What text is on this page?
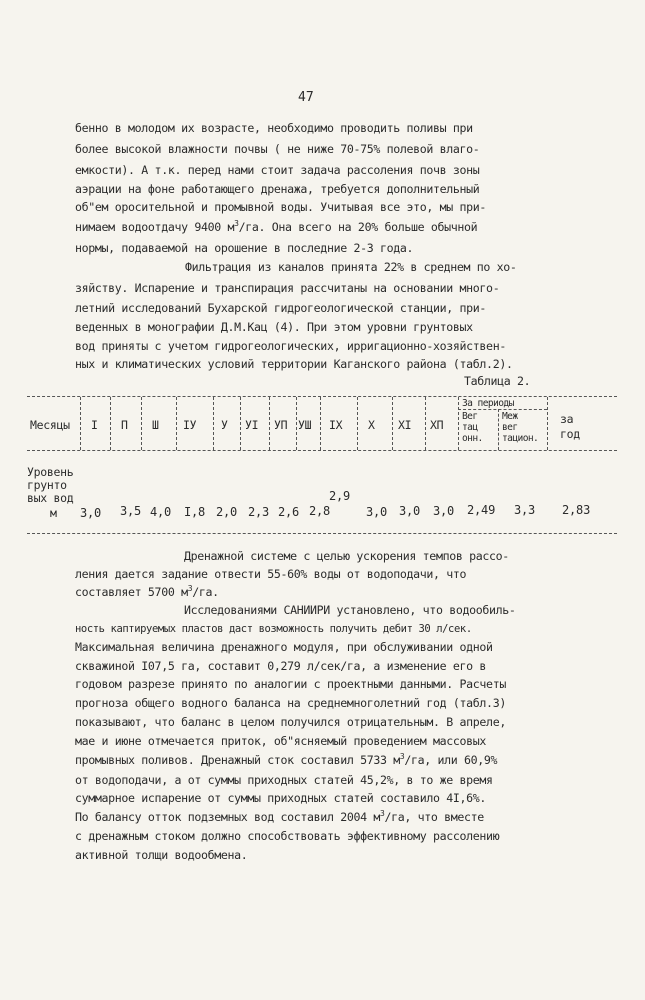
47
бенно в молодом их возрасте, необходимо проводить поливы при
более высокой влажности почвы ( не ниже 70-75% полевой влаго-
емкости). А т.к. перед нами стоит задача рассоления почв зоны
аэрации на фоне работающего дренажа, требуется дополнительный
об"ем оросительной и промывной воды. Учитывая все это, мы при-
нимаем водоотдачу 9400 $м^3/га$. Она всего на 20% больше обычной
нормы, подаваемой на орошение в последние 2-3 года.
Фильтрация из каналов принята 22% в среднем по хо-
зяйству. Испарение и транспирация рассчитаны на основании много-
летний исследований Бухарской гидрогеологической станции, при-
веденных в монографии Д.М.Кац (4). При этом уровни грунтовых
вод приняты с учетом гидрогеологических, ирригационно-хозяйствен-
ных и климатических условий территории Каганского района (табл.2).
Таблица 2.
Месяцы I П Ш IУ У УI УП УШ IX X XI XП
За периоды
Вег
тац
онн.
Меж
вег
тацион.
за
год
Уровень
грунто
вых вод
м 3,0 3,5 4,0 I,8 2,0 2,3 2,6 2,8
2,9
3,0 3,0 3,0 2,49 3,3 2,83
Дренажной системе с целью ускорения темпов рассо-
ления дается задание отвести 55-60% воды от водоподачи, что
составляет 5700 $м^3/га$.
Исследованиями САНИИРИ установлено, что водообиль-
ность каптируемых пластов даст возможность получить дебит 30 л/сек.
Максимальная величина дренажного модуля, при обслуживании одной
скважиной I07,5 га, составит 0,279 л/сек/га, а изменение его в
годовом разрезе принято по аналогии с проектными данными. Расчеты
прогноза общего водного баланса на среднемноголетний год (табл.3)
показывают, что баланс в целом получился отрицательным. В апреле,
мае и июне отмечается приток, об"ясняемый проведением массовых
промывных поливов. Дренажный сток составил 5733 $м^3/га$, или 60,9%
от водоподачи, а от суммы приходных статей 45,2%, в то же время
суммарное испарение от суммы приходных статей составило 4I,6%.
По балансу отток подземных вод составил 2004 $м^3/га$, что вместе
с дренажным стоком должно способствовать эффективному рассолению
активной толщи водообмена.
